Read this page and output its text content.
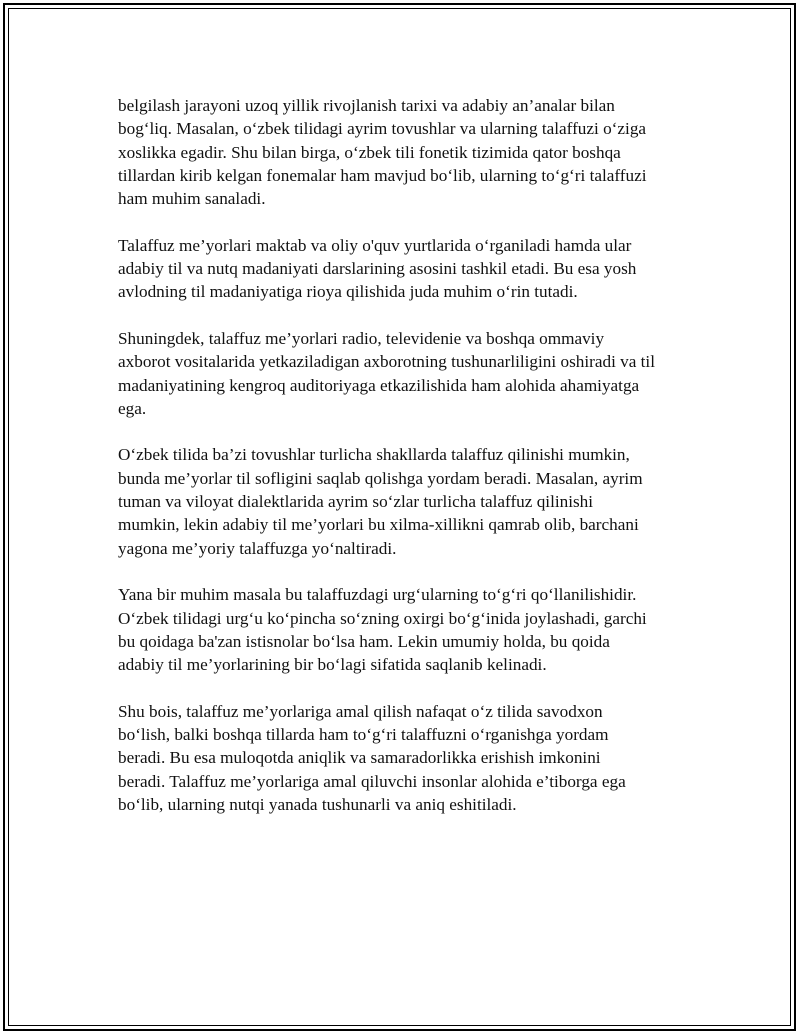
belgilash jarayoni uzoq yillik rivojlanish tarixi va adabiy an’analar bilan
bog‘liq. Masalan, o‘zbek tilidagi ayrim tovushlar va ularning talaffuzi o‘ziga
xoslikka egadir. Shu bilan birga, o‘zbek tili fonetik tizimida qator boshqa
tillardan kirib kelgan fonemalar ham mavjud bo‘lib, ularning to‘g‘ri talaffuzi
ham muhim sanaladi.

Talaffuz me’yorlari maktab va oliy o'quv yurtlarida o‘rganiladi hamda ular
adabiy til va nutq madaniyati darslarining asosini tashkil etadi. Bu esa yosh
avlodning til madaniyatiga rioya qilishida juda muhim o‘rin tutadi.

Shuningdek, talaffuz me’yorlari radio, televidenie va boshqa ommaviy
axborot vositalarida yetkaziladigan axborotning tushunarliligini oshiradi va til
madaniyatining kengroq auditoriyaga etkazilishida ham alohida ahamiyatga
ega.

O‘zbek tilida ba’zi tovushlar turlicha shakllarda talaffuz qilinishi mumkin,
bunda me’yorlar til sofligini saqlab qolishga yordam beradi. Masalan, ayrim
tuman va viloyat dialektlarida ayrim so‘zlar turlicha talaffuz qilinishi
mumkin, lekin adabiy til me’yorlari bu xilma-xillikni qamrab olib, barchani
yagona me’yoriy talaffuzga yo‘naltiradi.

Yana bir muhim masala bu talaffuzdagi urg‘ularning to‘g‘ri qo‘llanilishidir.
O‘zbek tilidagi urg‘u ko‘pincha so‘zning oxirgi bo‘g‘inida joylashadi, garchi
bu qoidaga ba'zan istisnolar bo‘lsa ham. Lekin umumiy holda, bu qoida
adabiy til me’yorlarining bir bo‘lagi sifatida saqlanib kelinadi.

Shu bois, talaffuz me’yorlariga amal qilish nafaqat o‘z tilida savodxon
bo‘lish, balki boshqa tillarda ham to‘g‘ri talaffuzni o‘rganishga yordam
beradi. Bu esa muloqotda aniqlik va samaradorlikka erishish imkonini
beradi. Talaffuz me’yorlariga amal qiluvchi insonlar alohida e’tiborga ega
bo‘lib, ularning nutqi yanada tushunarli va aniq eshitiladi.
